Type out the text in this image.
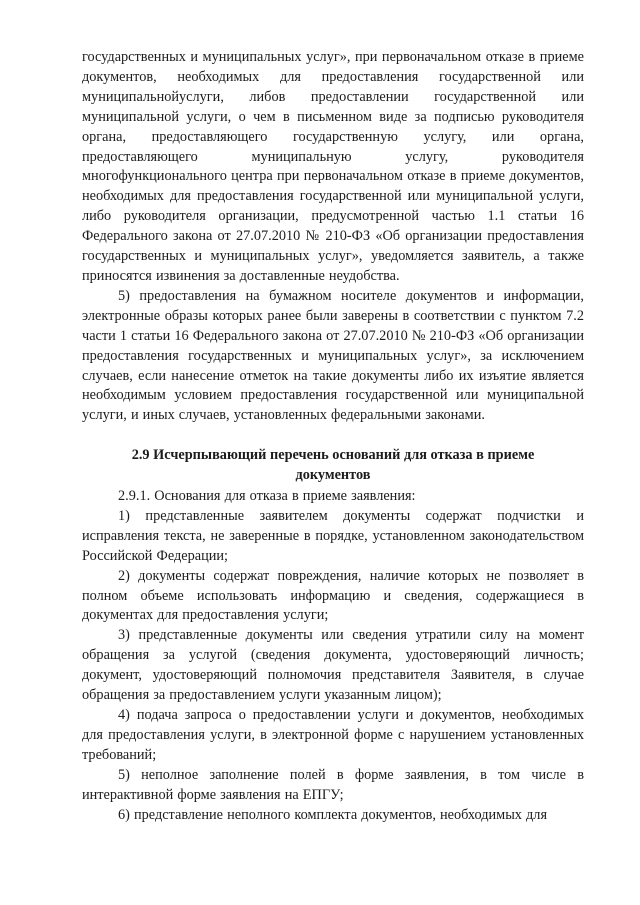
государственных и муниципальных услуг», при первоначальном отказе в приеме документов, необходимых для предоставления государственной или муниципальнойуслуги, либов предоставлении государственной или муниципальной услуги, о чем в письменном виде за подписью руководителя органа, предоставляющего государственную услугу, или органа, предоставляющего муниципальную услугу, руководителя многофункционального центра при первоначальном отказе в приеме документов, необходимых для предоставления государственной или муниципальной услуги, либо руководителя организации, предусмотренной частью 1.1 статьи 16 Федерального закона от 27.07.2010 № 210-ФЗ «Об организации предоставления государственных и муниципальных услуг», уведомляется заявитель, а также приносятся извинения за доставленные неудобства.

5) предоставления на бумажном носителе документов и информации, электронные образы которых ранее были заверены в соответствии с пунктом 7.2 части 1 статьи 16 Федерального закона от 27.07.2010 № 210-ФЗ «Об организации предоставления государственных и муниципальных услуг», за исключением случаев, если нанесение отметок на такие документы либо их изъятие является необходимым условием предоставления государственной или муниципальной услуги, и иных случаев, установленных федеральными законами.

2.9 Исчерпывающий перечень оснований для отказа в приеме
документов

2.9.1. Основания для отказа в приеме заявления:

1) представленные заявителем документы содержат подчистки и исправления текста, не заверенные в порядке, установленном законодательством Российской Федерации;

2) документы содержат повреждения, наличие которых не позволяет в полном объеме использовать информацию и сведения, содержащиеся в документах для предоставления услуги;

3) представленные документы или сведения утратили силу на момент обращения за услугой (сведения документа, удостоверяющий личность; документ, удостоверяющий полномочия представителя Заявителя, в случае обращения за предоставлением услуги указанным лицом);

4) подача запроса о предоставлении услуги и документов, необходимых для предоставления услуги, в электронной форме с нарушением установленных требований;

5) неполное заполнение полей в форме заявления, в том числе в интерактивной форме заявления на ЕПГУ;

6) представление неполного комплекта документов, необходимых для
